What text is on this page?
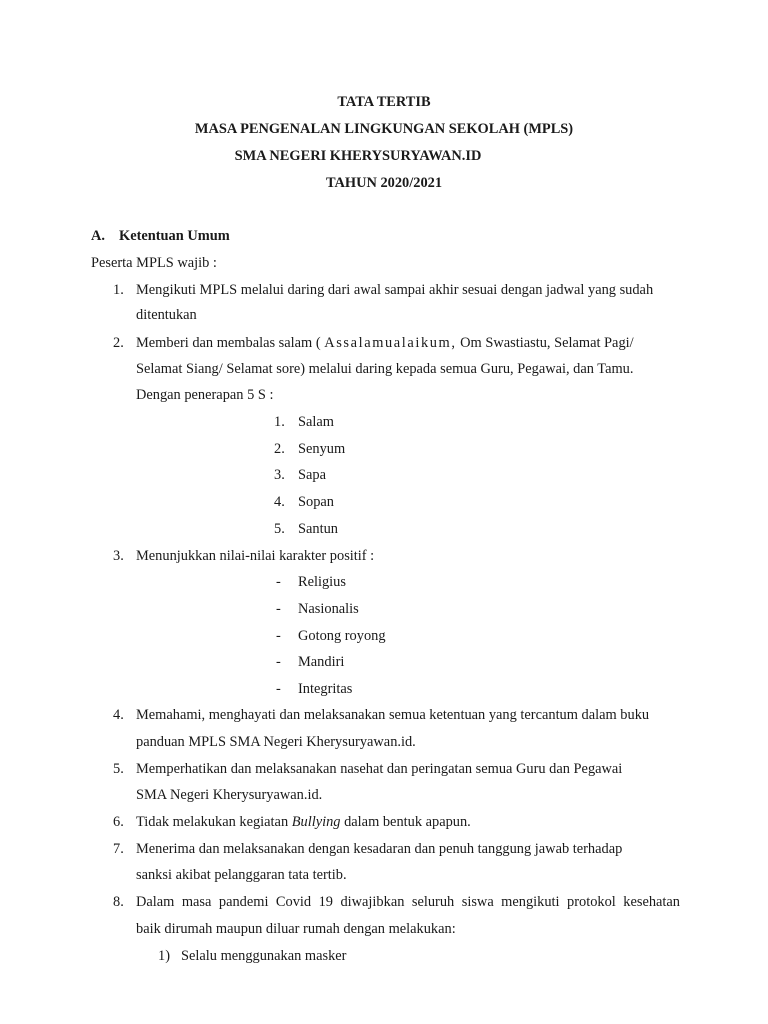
TATA TERTIB
MASA PENGENALAN LINGKUNGAN SEKOLAH (MPLS)
SMA NEGERI KHERYSURYAWAN.ID
TAHUN 2020/2021
A. Ketentuan Umum
Peserta MPLS wajib :
1. Mengikuti MPLS melalui daring dari awal sampai akhir sesuai dengan jadwal yang sudah
ditentukan
2. Memberi dan membalas salam ( Assalamualaikum, Om Swastiastu, Selamat Pagi/
Selamat Siang/ Selamat sore) melalui daring kepada semua Guru, Pegawai, dan Tamu.
Dengan penerapan 5 S :
1. Salam
2. Senyum
3. Sapa
4. Sopan
5. Santun
3. Menunjukkan nilai-nilai karakter positif :
- Religius
- Nasionalis
- Gotong royong
- Mandiri
- Integritas
4. Memahami, menghayati dan melaksanakan semua ketentuan yang tercantum dalam buku
panduan MPLS SMA Negeri Kherysuryawan.id.
5. Memperhatikan dan melaksanakan nasehat dan peringatan semua Guru dan Pegawai
SMA Negeri Kherysuryawan.id.
6. Tidak melakukan kegiatan Bullying dalam bentuk apapun.
7. Menerima dan melaksanakan dengan kesadaran dan penuh tanggung jawab terhadap
sanksi akibat pelanggaran tata tertib.
8. Dalam masa pandemi Covid 19 diwajibkan seluruh siswa mengikuti protokol kesehatan
baik dirumah maupun diluar rumah dengan melakukan:
1) Selalu menggunakan masker
